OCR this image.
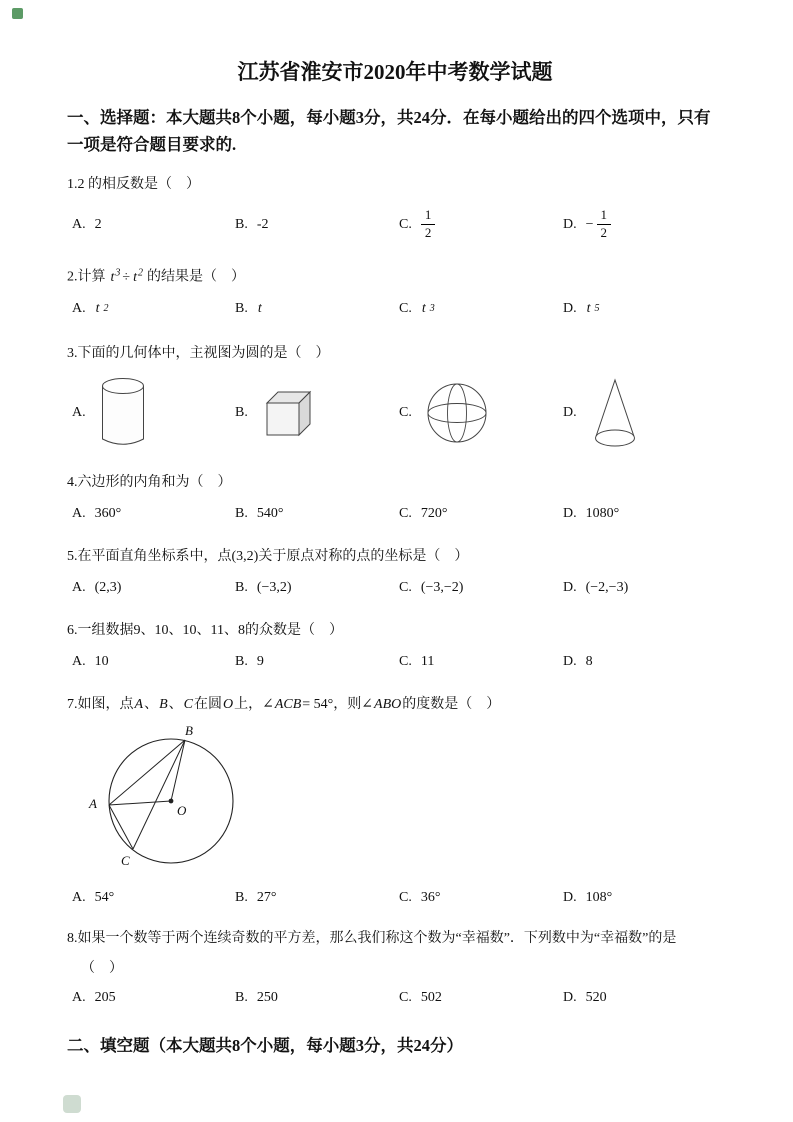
江苏省淮安市2020年中考数学试题
一、选择题：本大题共8个小题，每小题3分，共24分．在每小题给出的四个选项中，只有
一项是符合题目要求的.
1.2 的相反数是（　）
A. 2	B. -2	C. $\frac{1}{2}$	D. − $\frac{1}{2}$
2.计算 $t^3 \div t^2$ 的结果是（　）
A. t 2	B. t	C. t 3	D. t 5
3.下面的几何体中，主视图为圆的是（　）
A.	B.	C.	D.
4.六边形的内角和为（　）
A. 360°	B. 540°	C. 720°	D. 1080°
5.在平面直角坐标系中，点(3,2)关于原点对称的点的坐标是（　）
A. (2,3)	B. (−3,2)	C. (−3,−2)	D. (−2,−3)
6.一组数据9、10、10、11、8的众数是（　）
A. 10	B. 9	C. 11	D. 8
7.如图，点A、B、C在圆O上，∠ACB= 54°，则∠ABO的度数是（　）
B
A
C
O
A. 54°	B. 27°	C. 36°	D. 108°
8.如果一个数等于两个连续奇数的平方差，那么我们称这个数为“幸福数”．下列数中为“幸福数”的是
（　）
A. 205	B. 250	C. 502	D. 520
二、填空题（本大题共8个小题，每小题3分，共24分）
